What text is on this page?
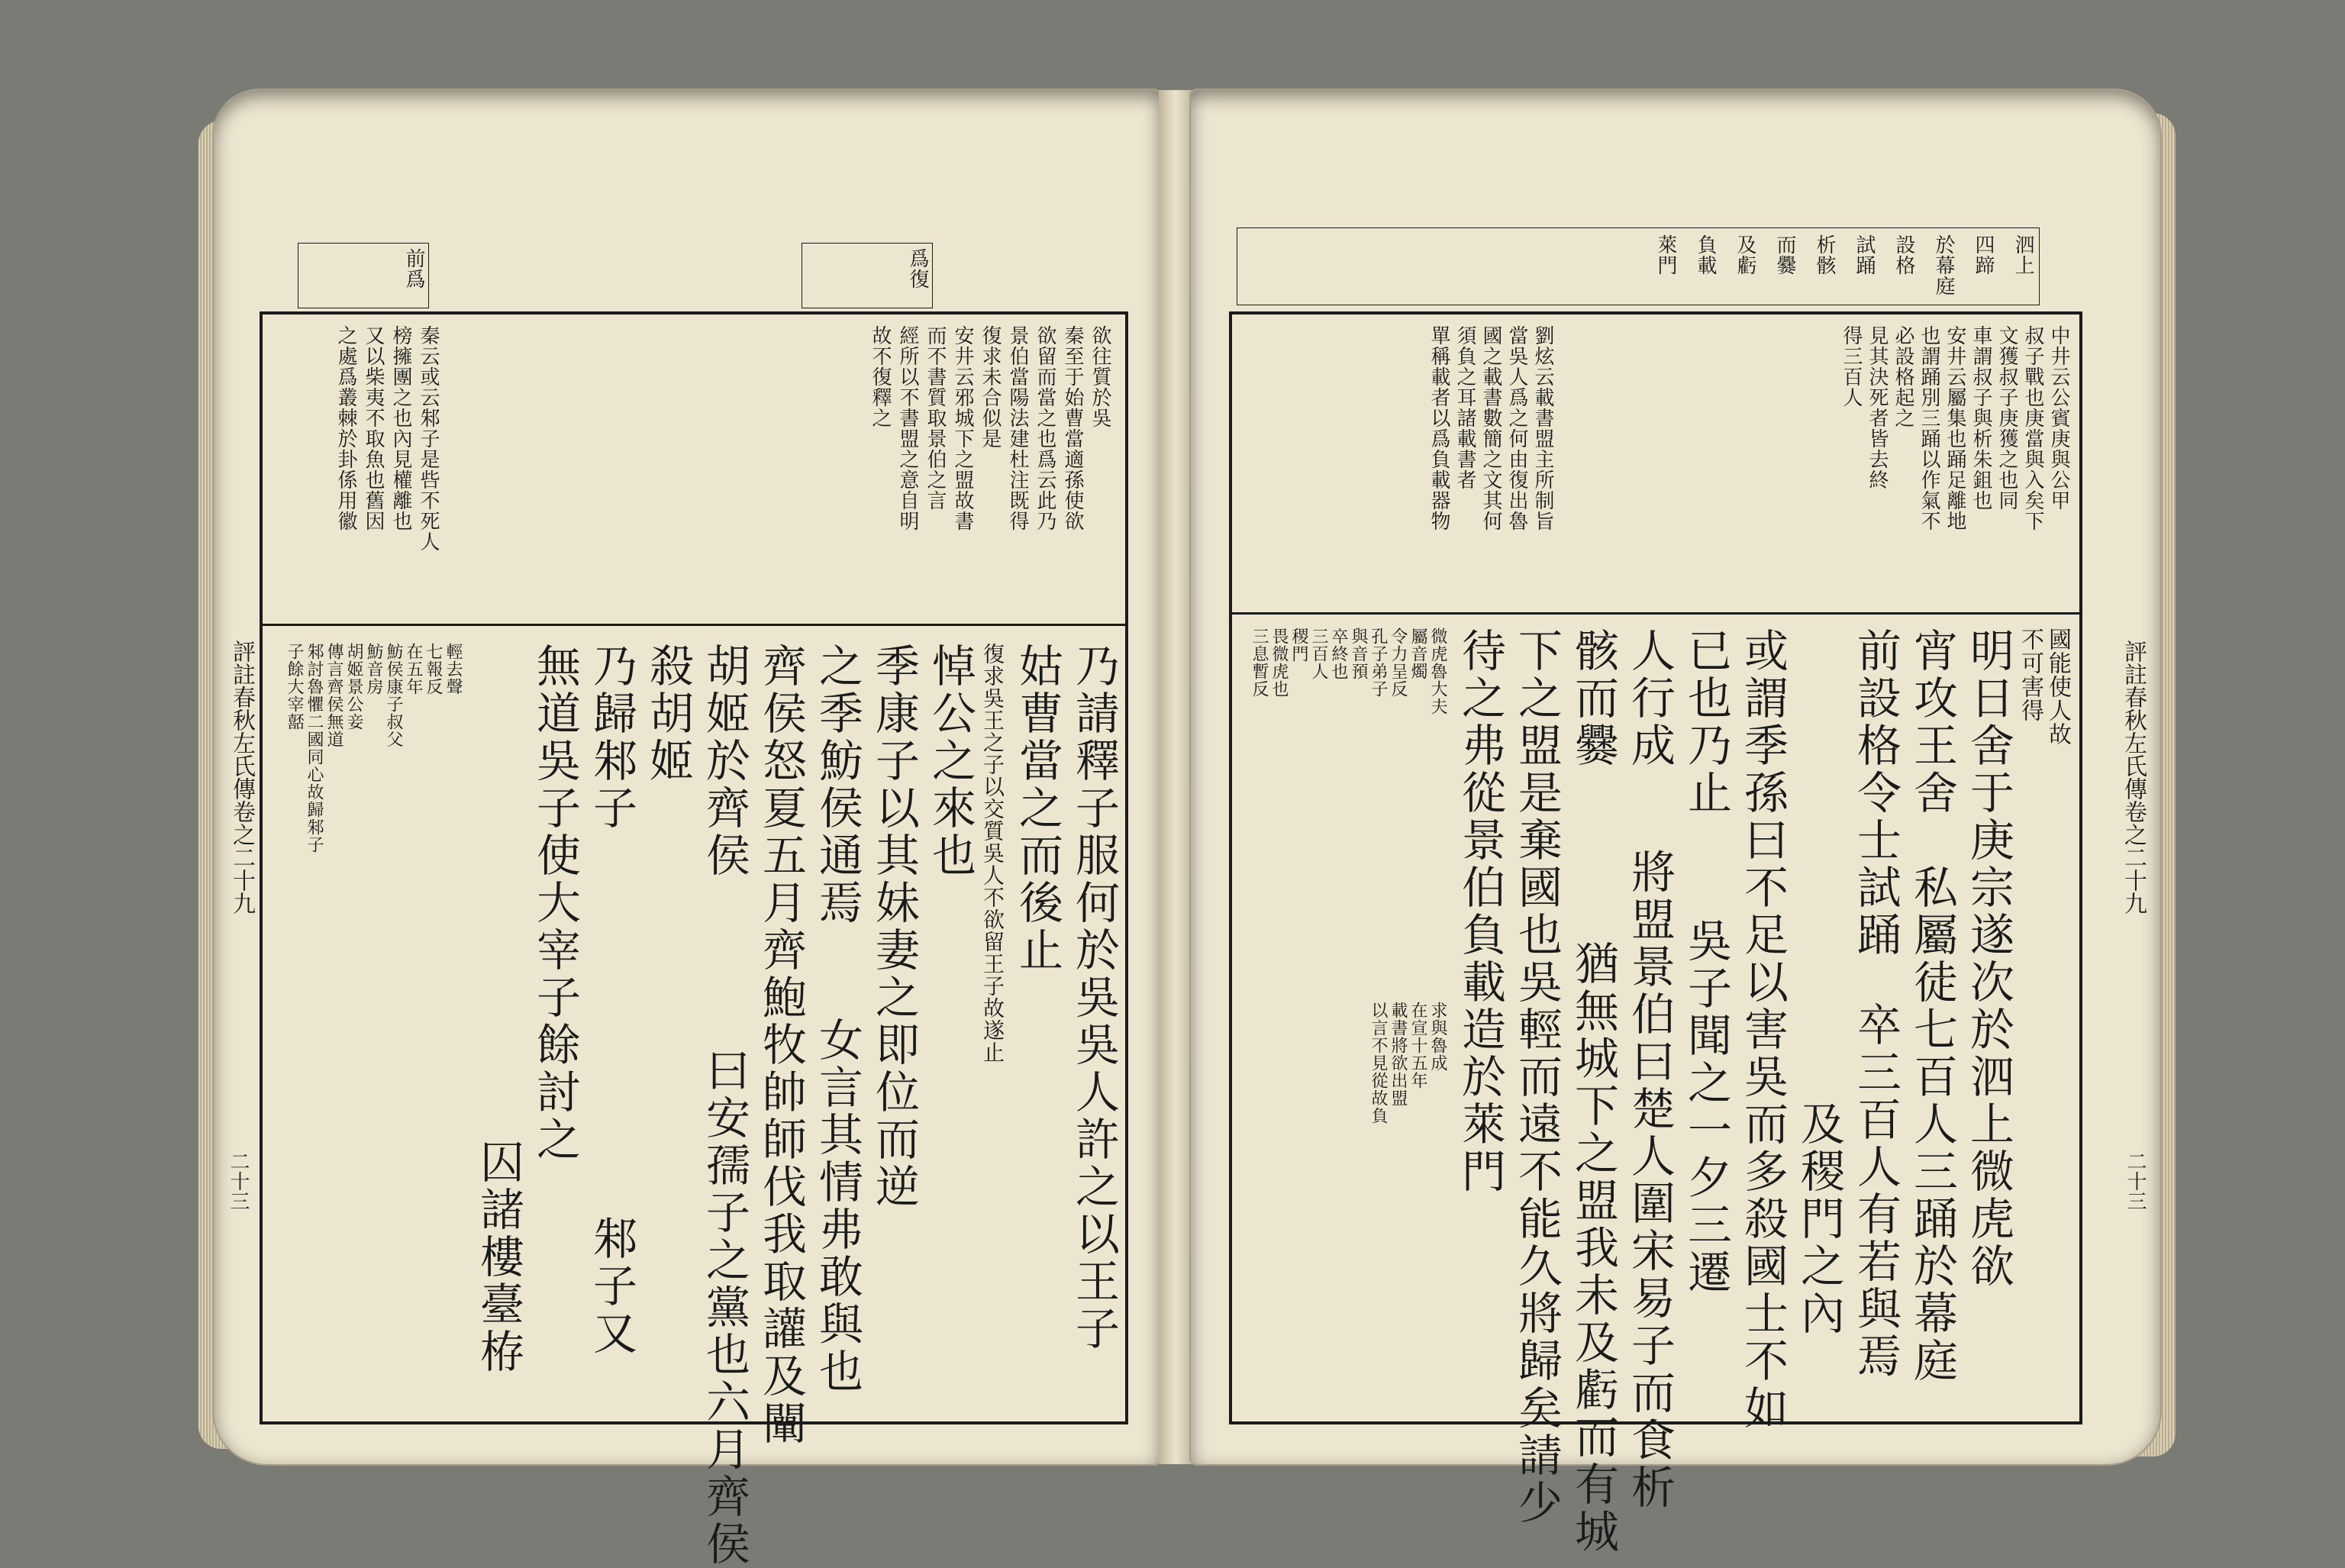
前爲	爲復
欲往質於吳
秦至于始曹當適孫使欲
欲留而當之也爲云此乃
景伯當陽法建杜注既得
復求未合似是
安井云邪城下之盟故書
而不書質取景伯之言
經所以不書盟之意自明
故不復釋之
秦云或云邾子是呰不死人
榜擁團之也內見權離也
又以柴夷不取魚也舊因
之處爲叢棘於卦係用徽
乃請釋子服何於吳吳人許之以王子
姑曹當之而後止
復求吳王之子以交質吳人不欲留王子故遂止
悼公之來也
季康子以其妹妻之即位而逆
之季魴侯通焉
女言其情弗敢與也
齊侯怒夏五月齊鮑牧帥師伐我取讙及闡
胡姬於齊侯
曰安孺子之黨也六月齊侯
殺胡姬
乃歸邾子
邾子又
無道吳子使大宰子餘討之
囚諸樓臺栫
輕去聲
七報反
在五年
魴侯康子叔父
魴音房
胡姬景公妾
傳言齊侯無道
邾討魯懼二國同心故歸邾子
子餘大宰嚭
評註春秋左氏傳卷之二十九
二十三
泗上
四蹄
於幕庭
設格
試踊
析骸
而爨
及虧
負載
萊門
中井云公賓庚與公甲
叔子戰也庚當與入矣下
文獲叔子庚獲之也同
車謂叔子與析朱鉏也
安井云屬集也踊足離地
也謂踊別三踊以作氣不
必設格起之
見其決死者皆去終
得三百人
劉炫云載書盟主所制旨
當吳人爲之何由復出魯
國之載書數簡之文其何
須負之耳諸載書者
單稱載者以爲負載器物
國能使人故
不可害得
明日舍于庚宗遂次於泗上微虎欲
宵攻王舍
私屬徒七百人三踊於幕庭
前設格令士試踊
卒三百人有若與焉
及稷門之內
或謂季孫曰不足以害吳而多殺國士不如
已也乃止
吳子聞之一夕三遷
人行成
將盟景伯曰楚人圍宋易子而食析
骸而爨
猶無城下之盟我未及虧而有城
下之盟是棄國也吳輕而遠不能久將歸矣請少
待之弗從景伯負載造於萊門
微虎魯大夫
屬音燭
令力呈反
孔子弟子
與音預
卒終也
三百人
稷門
畏微虎也
三息暫反
求與魯成
在宣十五年
載書將欲出盟
以言不見從故負
評註春秋左氏傳卷之二十九
二十三
